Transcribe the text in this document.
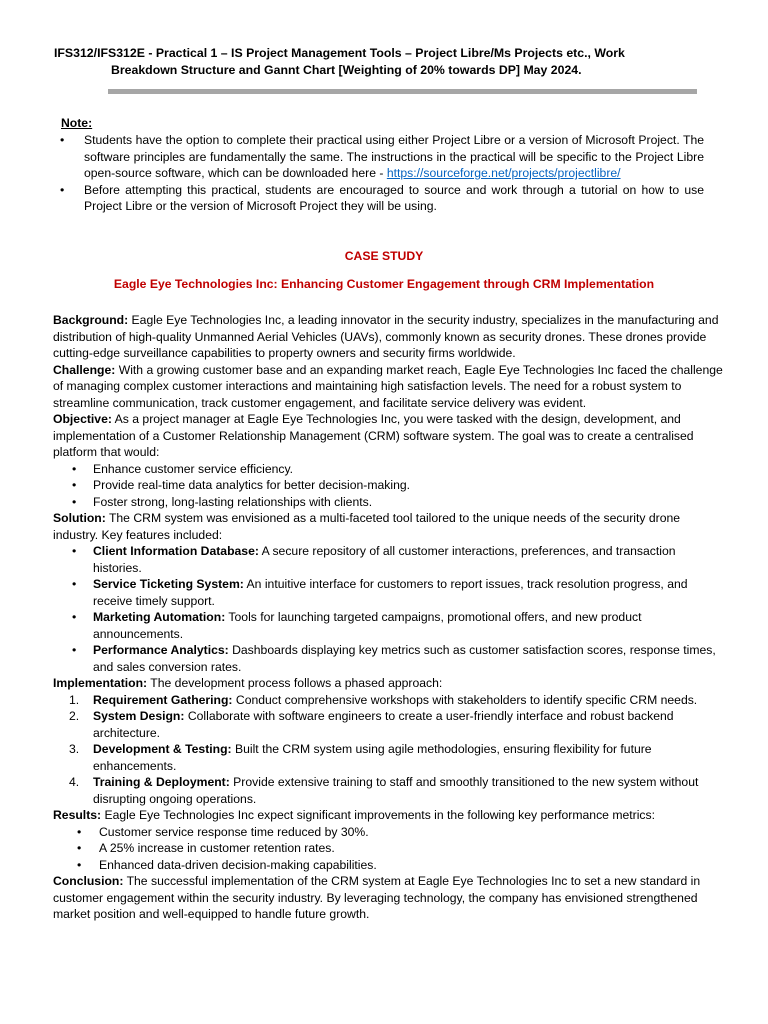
IFS312/IFS312E - Practical 1 – IS Project Management Tools – Project Libre/Ms Projects etc., Work
Breakdown Structure and Gannt Chart [Weighting of 20% towards DP] May 2024.
Note:
• Students have the option to complete their practical using either Project Libre or a version of Microsoft Project. The software principles are fundamentally the same. The instructions in the practical will be specific to the Project Libre open-source software, which can be downloaded here - https://sourceforge.net/projects/projectlibre/
• Before attempting this practical, students are encouraged to source and work through a tutorial on how to use Project Libre or the version of Microsoft Project they will be using.
CASE STUDY
Eagle Eye Technologies Inc: Enhancing Customer Engagement through CRM Implementation

Background: Eagle Eye Technologies Inc, a leading innovator in the security industry, specializes in the manufacturing and distribution of high-quality Unmanned Aerial Vehicles (UAVs), commonly known as security drones. These drones provide cutting-edge surveillance capabilities to property owners and security firms worldwide.

Challenge: With a growing customer base and an expanding market reach, Eagle Eye Technologies Inc faced the challenge of managing complex customer interactions and maintaining high satisfaction levels. The need for a robust system to streamline communication, track customer engagement, and facilitate service delivery was evident.

Objective: As a project manager at Eagle Eye Technologies Inc, you were tasked with the design, development, and implementation of a Customer Relationship Management (CRM) software system. The goal was to create a centralised platform that would:

• Enhance customer service efficiency.
• Provide real-time data analytics for better decision-making.
• Foster strong, long-lasting relationships with clients.

Solution: The CRM system was envisioned as a multi-faceted tool tailored to the unique needs of the security drone industry. Key features included:

• Client Information Database: A secure repository of all customer interactions, preferences, and transaction histories.
• Service Ticketing System: An intuitive interface for customers to report issues, track resolution progress, and receive timely support.
• Marketing Automation: Tools for launching targeted campaigns, promotional offers, and new product announcements.
• Performance Analytics: Dashboards displaying key metrics such as customer satisfaction scores, response times, and sales conversion rates.

Implementation: The development process follows a phased approach:

1. Requirement Gathering: Conduct comprehensive workshops with stakeholders to identify specific CRM needs.
2. System Design: Collaborate with software engineers to create a user-friendly interface and robust backend architecture.
3. Development & Testing: Built the CRM system using agile methodologies, ensuring flexibility for future enhancements.
4. Training & Deployment: Provide extensive training to staff and smoothly transitioned to the new system without disrupting ongoing operations.

Results: Eagle Eye Technologies Inc expect significant improvements in the following key performance metrics:

• Customer service response time reduced by 30%.
• A 25% increase in customer retention rates.
• Enhanced data-driven decision-making capabilities.

Conclusion: The successful implementation of the CRM system at Eagle Eye Technologies Inc to set a new standard in customer engagement within the security industry. By leveraging technology, the company has envisioned strengthened market position and well-equipped to handle future growth.
